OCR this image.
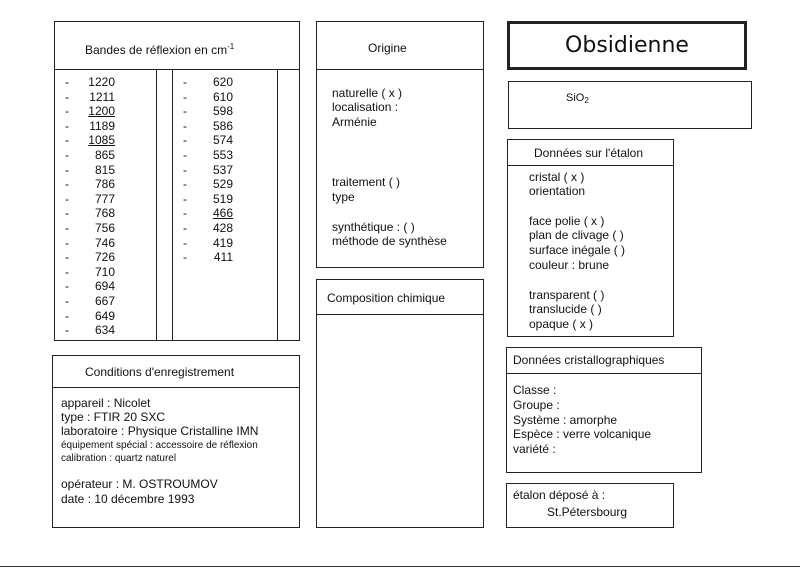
Bandes de réflexion en $cm^{-1}$
- 1220
- 1211
- 1200
- 1189
- 1085
- 865
- 815
- 786
- 777
- 768
- 756
- 746
- 726
- 710
- 694
- 667
- 649
- 634
- 620
- 610
- 598
- 586
- 574
- 553
- 537
- 529
- 519
- 466
- 428
- 419
- 411
Conditions d'enregistrement
appareil : Nicolet
type : FTIR 20 SXC
laboratoire : Physique Cristalline IMN
équipement spécial : accessoire de réflexion
calibration : quartz naturel
opérateur : M. OSTROUMOV
date : 10 décembre 1993
Origine
naturelle ( x )
localisation :
Arménie
traitement ( )
type
synthétique : ( )
méthode de synthèse
Composition chimique
Obsidienne
SiO$_2$
Données sur l'étalon
cristal ( x )
orientation
face polie ( x )
plan de clivage ( )
surface inégale ( )
couleur : brune
transparent ( )
translucide ( )
opaque ( x )
Données cristallographiques
Classe :
Groupe :
Système : amorphe
Espèce : verre volcanique
variété :
étalon déposé à :
St.Pétersbourg
